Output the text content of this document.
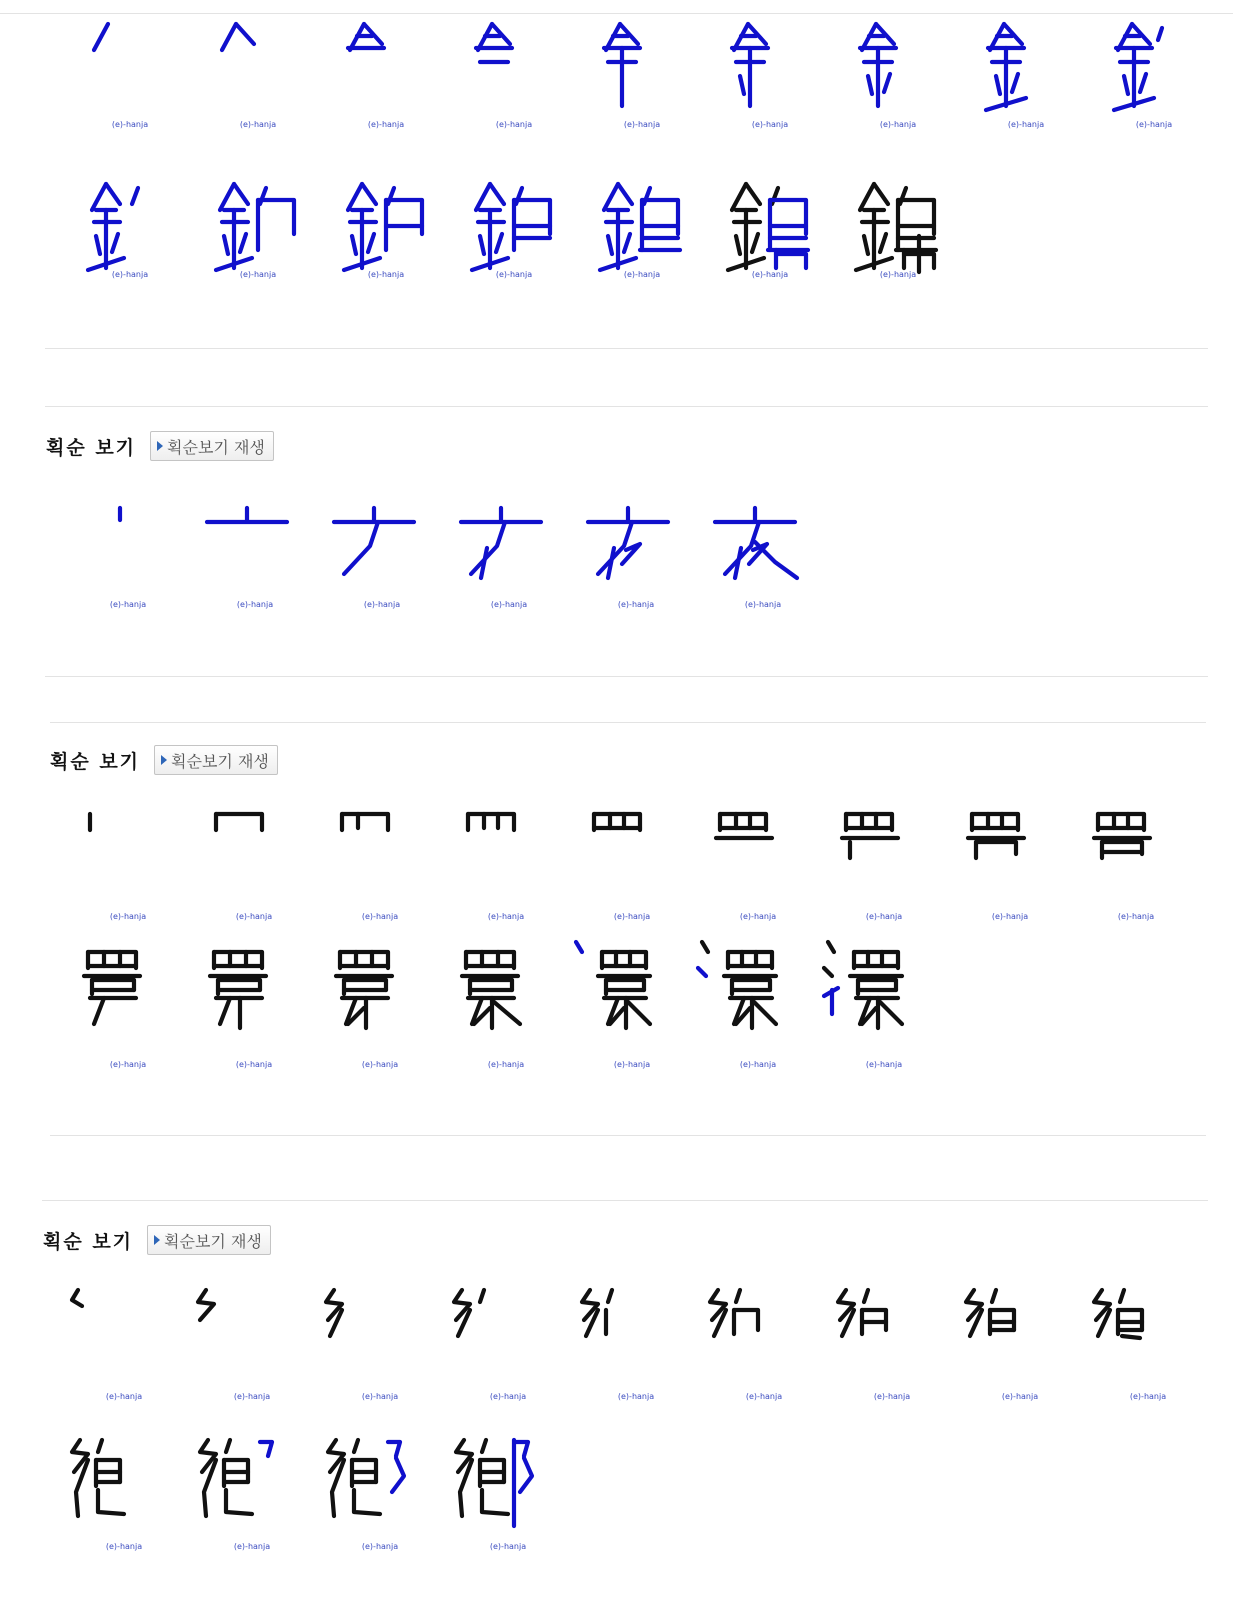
(e)-hanja	(e)-hanja	(e)-hanja	(e)-hanja	(e)-hanja	(e)-hanja	(e)-hanja	(e)-hanja	(e)-hanja
(e)-hanja	(e)-hanja	(e)-hanja	(e)-hanja	(e)-hanja	(e)-hanja	(e)-hanja
획순 보기 획순보기 재생
(e)-hanja	(e)-hanja	(e)-hanja	(e)-hanja	(e)-hanja	(e)-hanja
획순 보기 획순보기 재생
(e)-hanja	(e)-hanja	(e)-hanja	(e)-hanja	(e)-hanja	(e)-hanja	(e)-hanja	(e)-hanja	(e)-hanja
(e)-hanja	(e)-hanja	(e)-hanja	(e)-hanja	(e)-hanja	(e)-hanja	(e)-hanja
획순 보기 획순보기 재생
(e)-hanja	(e)-hanja	(e)-hanja	(e)-hanja	(e)-hanja	(e)-hanja	(e)-hanja	(e)-hanja	(e)-hanja
(e)-hanja	(e)-hanja	(e)-hanja	(e)-hanja
